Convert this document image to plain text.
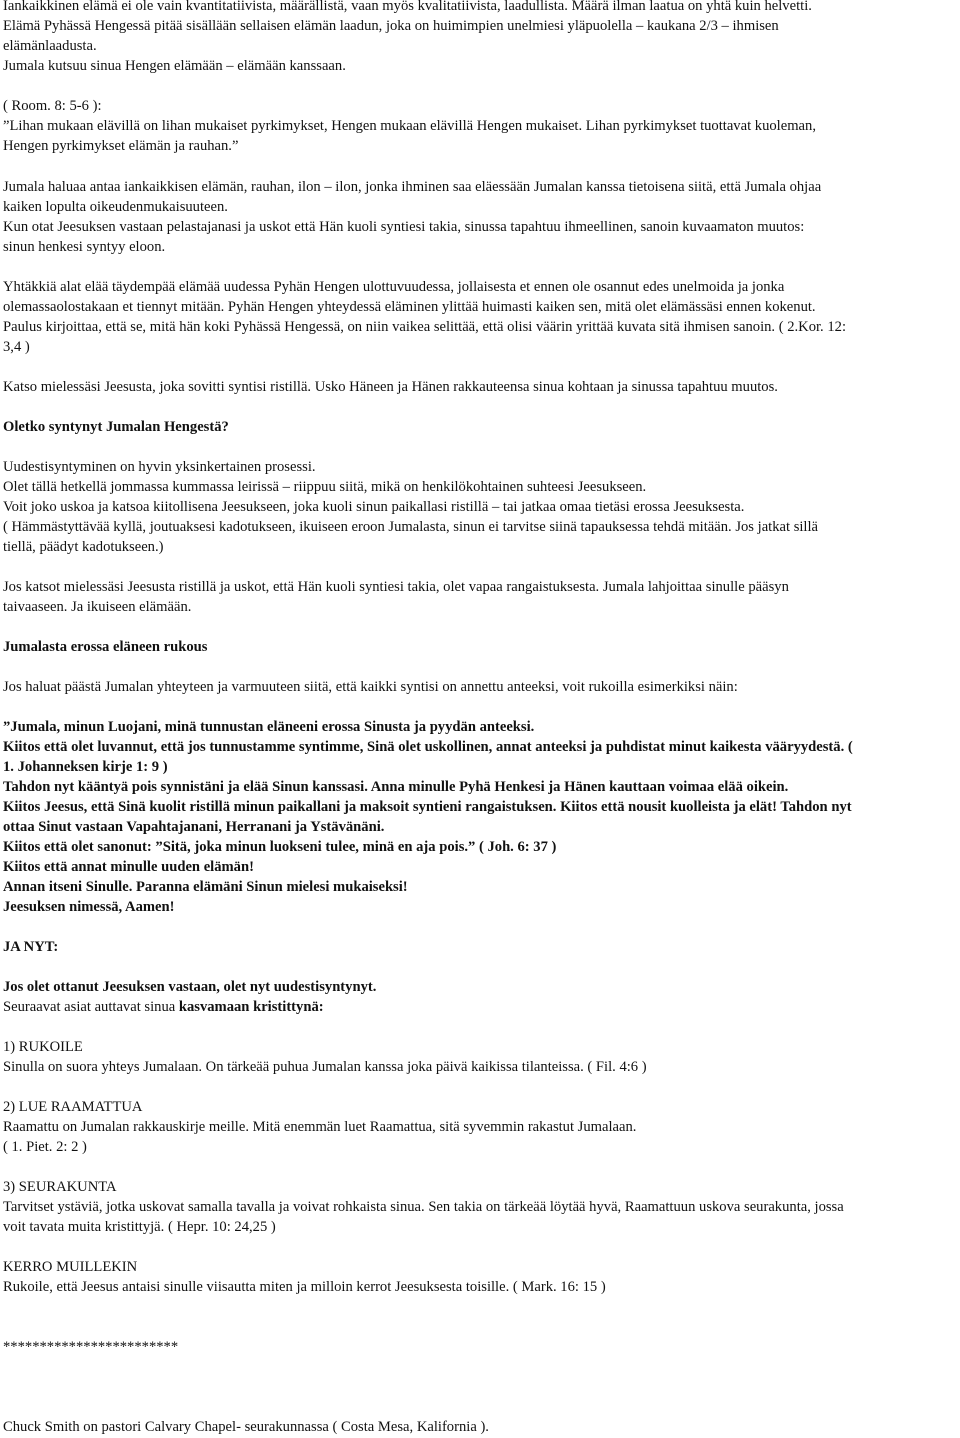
Iankaikkinen elämä ei ole vain kvantitatiivista, määrällistä, vaan myös kvalitatiivista, laadullista. Määrä ilman laatua on yhtä kuin helvetti.
Elämä Pyhässä Hengessä pitää sisällään sellaisen elämän laadun, joka on huimimpien unelmiesi yläpuolella – kaukana 2/3 – ihmisen
elämänlaadusta.
Jumala kutsuu sinua Hengen elämään – elämään kanssaan.
( Room. 8: 5-6 ):
”Lihan mukaan elävillä on lihan mukaiset pyrkimykset, Hengen mukaan elävillä Hengen mukaiset. Lihan pyrkimykset tuottavat kuoleman,
Hengen pyrkimykset elämän ja rauhan.”
Jumala haluaa antaa iankaikkisen elämän, rauhan, ilon – ilon, jonka ihminen saa eläessään Jumalan kanssa tietoisena siitä, että Jumala ohjaa
kaiken lopulta oikeudenmukaisuuteen.
Kun otat Jeesuksen vastaan pelastajanasi ja uskot että Hän kuoli syntiesi takia, sinussa tapahtuu ihmeellinen, sanoin kuvaamaton muutos:
sinun henkesi syntyy eloon.
Yhtäkkiä alat elää täydempää elämää uudessa Pyhän Hengen ulottuvuudessa, jollaisesta et ennen ole osannut edes unelmoida ja jonka
olemassaolostakaan et tiennyt mitään. Pyhän Hengen yhteydessä eläminen ylittää huimasti kaiken sen, mitä olet elämässäsi ennen kokenut.
Paulus kirjoittaa, että se, mitä hän koki Pyhässä Hengessä, on niin vaikea selittää, että olisi väärin yrittää kuvata sitä ihmisen sanoin. ( 2.Kor. 12:
3,4 )
Katso mielessäsi Jeesusta, joka sovitti syntisi ristillä. Usko Häneen ja Hänen rakkauteensa sinua kohtaan ja sinussa tapahtuu muutos.
Oletko syntynyt Jumalan Hengestä?
Uudestisyntyminen on hyvin yksinkertainen prosessi.
Olet tällä hetkellä jommassa kummassa leirissä – riippuu siitä, mikä on henkilökohtainen suhteesi Jeesukseen.
Voit joko uskoa ja katsoa kiitollisena Jeesukseen, joka kuoli sinun paikallasi ristillä – tai jatkaa omaa tietäsi erossa Jeesuksesta.
( Hämmästyttävää kyllä, joutuaksesi kadotukseen, ikuiseen eroon Jumalasta, sinun ei tarvitse siinä tapauksessa tehdä mitään. Jos jatkat sillä
tiellä, päädyt kadotukseen.)
Jos katsot mielessäsi Jeesusta ristillä ja uskot, että Hän kuoli syntiesi takia, olet vapaa rangaistuksesta. Jumala lahjoittaa sinulle pääsyn
taivaaseen. Ja ikuiseen elämään.
Jumalasta erossa eläneen rukous
Jos haluat päästä Jumalan yhteyteen ja varmuuteen siitä, että kaikki syntisi on annettu anteeksi, voit rukoilla esimerkiksi näin:
”Jumala, minun Luojani, minä tunnustan eläneeni erossa Sinusta ja pyydän anteeksi.
Kiitos että olet luvannut, että jos tunnustamme syntimme, Sinä olet uskollinen, annat anteeksi ja puhdistat minut kaikesta vääryydestä. (
1. Johanneksen kirje 1: 9 )
Tahdon nyt kääntyä pois synnistäni ja elää Sinun kanssasi. Anna minulle Pyhä Henkesi ja Hänen kauttaan voimaa elää oikein.
Kiitos Jeesus, että Sinä kuolit ristillä minun paikallani ja maksoit syntieni rangaistuksen. Kiitos että nousit kuolleista ja elät! Tahdon nyt
ottaa Sinut vastaan Vapahtajanani, Herranani ja Ystävänäni.
Kiitos että olet sanonut: ”Sitä, joka minun luokseni tulee, minä en aja pois.” ( Joh. 6: 37 )
Kiitos että annat minulle uuden elämän!
Annan itseni Sinulle. Paranna elämäni Sinun mielesi mukaiseksi!
Jeesuksen nimessä, Aamen!
JA NYT:
Jos olet ottanut Jeesuksen vastaan, olet nyt uudestisyntynyt.
Seuraavat asiat auttavat sinua kasvamaan kristittynä:
1) RUKOILE
Sinulla on suora yhteys Jumalaan. On tärkeää puhua Jumalan kanssa joka päivä kaikissa tilanteissa. ( Fil. 4:6 )
2) LUE RAAMATTUA
Raamattu on Jumalan rakkauskirje meille. Mitä enemmän luet Raamattua, sitä syvemmin rakastut Jumalaan.
( 1. Piet. 2: 2 )
3) SEURAKUNTA
Tarvitset ystäviä, jotka uskovat samalla tavalla ja voivat rohkaista sinua. Sen takia on tärkeää löytää hyvä, Raamattuun uskova seurakunta, jossa
voit tavata muita kristittyjä. ( Hepr. 10: 24,25 )
KERRO MUILLEKIN
Rukoile, että Jeesus antaisi sinulle viisautta miten ja milloin kerrot Jeesuksesta toisille. ( Mark. 16: 15 )
************************
Chuck Smith on pastori Calvary Chapel- seurakunnassa ( Costa Mesa, Kalifornia ).
